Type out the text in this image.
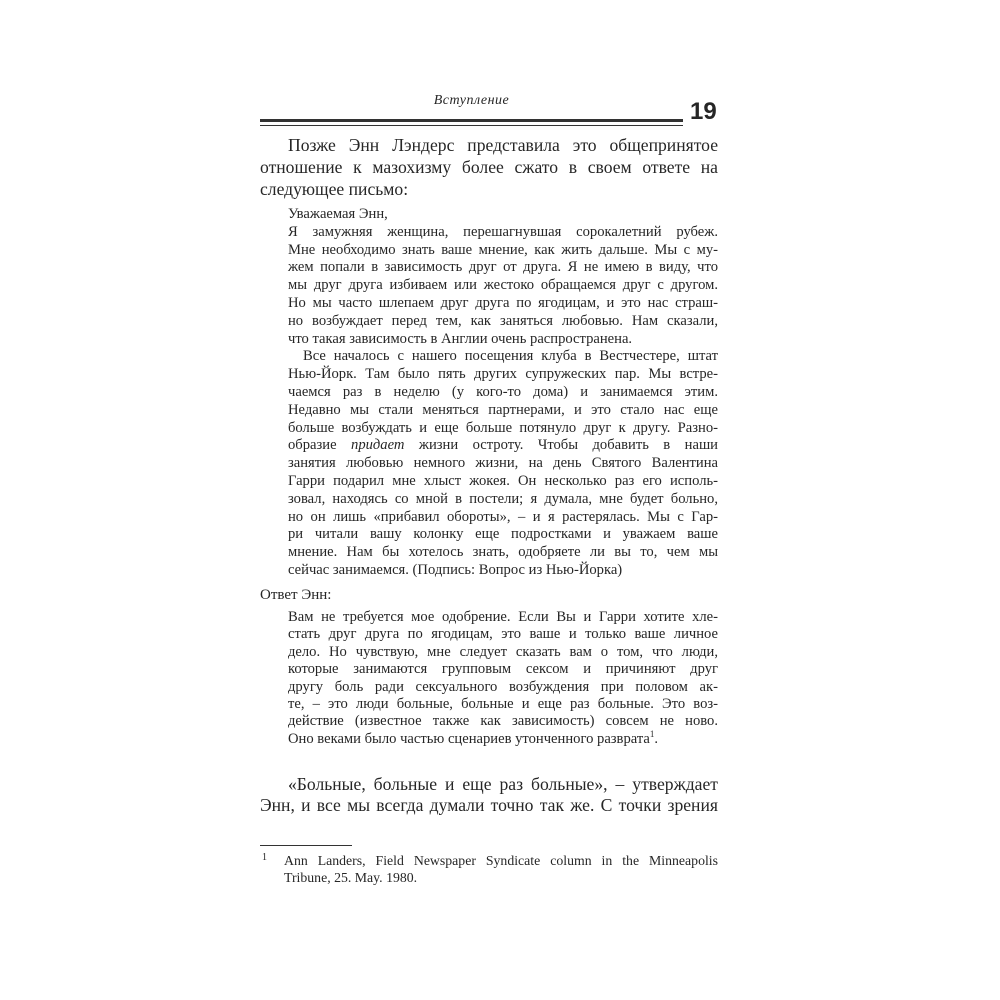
Вступление	19
Позже Энн Лэндерс представила это общепринятое
отношение к мазохизму более сжато в своем ответе на
следующее письмо:
Уважаемая Энн,
Я замужняя женщина, перешагнувшая сорокалетний рубеж.
Мне необходимо знать ваше мнение, как жить дальше. Мы с му-
жем попали в зависимость друг от друга. Я не имею в виду, что
мы друг друга избиваем или жестоко обращаемся друг с другом.
Но мы часто шлепаем друг друга по ягодицам, и это нас страш-
но возбуждает перед тем, как заняться любовью. Нам сказали,
что такая зависимость в Англии очень распространена.
Все началось с нашего посещения клуба в Вестчестере, штат
Нью-Йорк. Там было пять других супружеских пар. Мы встре-
чаемся раз в неделю (у кого-то дома) и занимаемся этим.
Недавно мы стали меняться партнерами, и это стало нас еще
больше возбуждать и еще больше потянуло друг к другу. Разно-
образие придает жизни остроту. Чтобы добавить в наши
занятия любовью немного жизни, на день Святого Валентина
Гарри подарил мне хлыст жокея. Он несколько раз его исполь-
зовал, находясь со мной в постели; я думала, мне будет больно,
но он лишь «прибавил обороты», – и я растерялась. Мы с Гар-
ри читали вашу колонку еще подростками и уважаем ваше
мнение. Нам бы хотелось знать, одобряете ли вы то, чем мы
сейчас занимаемся. (Подпись: Вопрос из Нью-Йорка)
Ответ Энн:
Вам не требуется мое одобрение. Если Вы и Гарри хотите хле-
стать друг друга по ягодицам, это ваше и только ваше личное
дело. Но чувствую, мне следует сказать вам о том, что люди,
которые занимаются групповым сексом и причиняют друг
другу боль ради сексуального возбуждения при половом ак-
те, – это люди больные, больные и еще раз больные. Это воз-
действие (известное также как зависимость) совсем не ново.
Оно веками было частью сценариев утонченного разврата$^1$.
«Больные, больные и еще раз больные», – утверждает
Энн, и все мы всегда думали точно так же. С точки зрения
1 Ann Landers, Field Newspaper Syndicate column in the Minneapolis
Tribune, 25. May. 1980.
